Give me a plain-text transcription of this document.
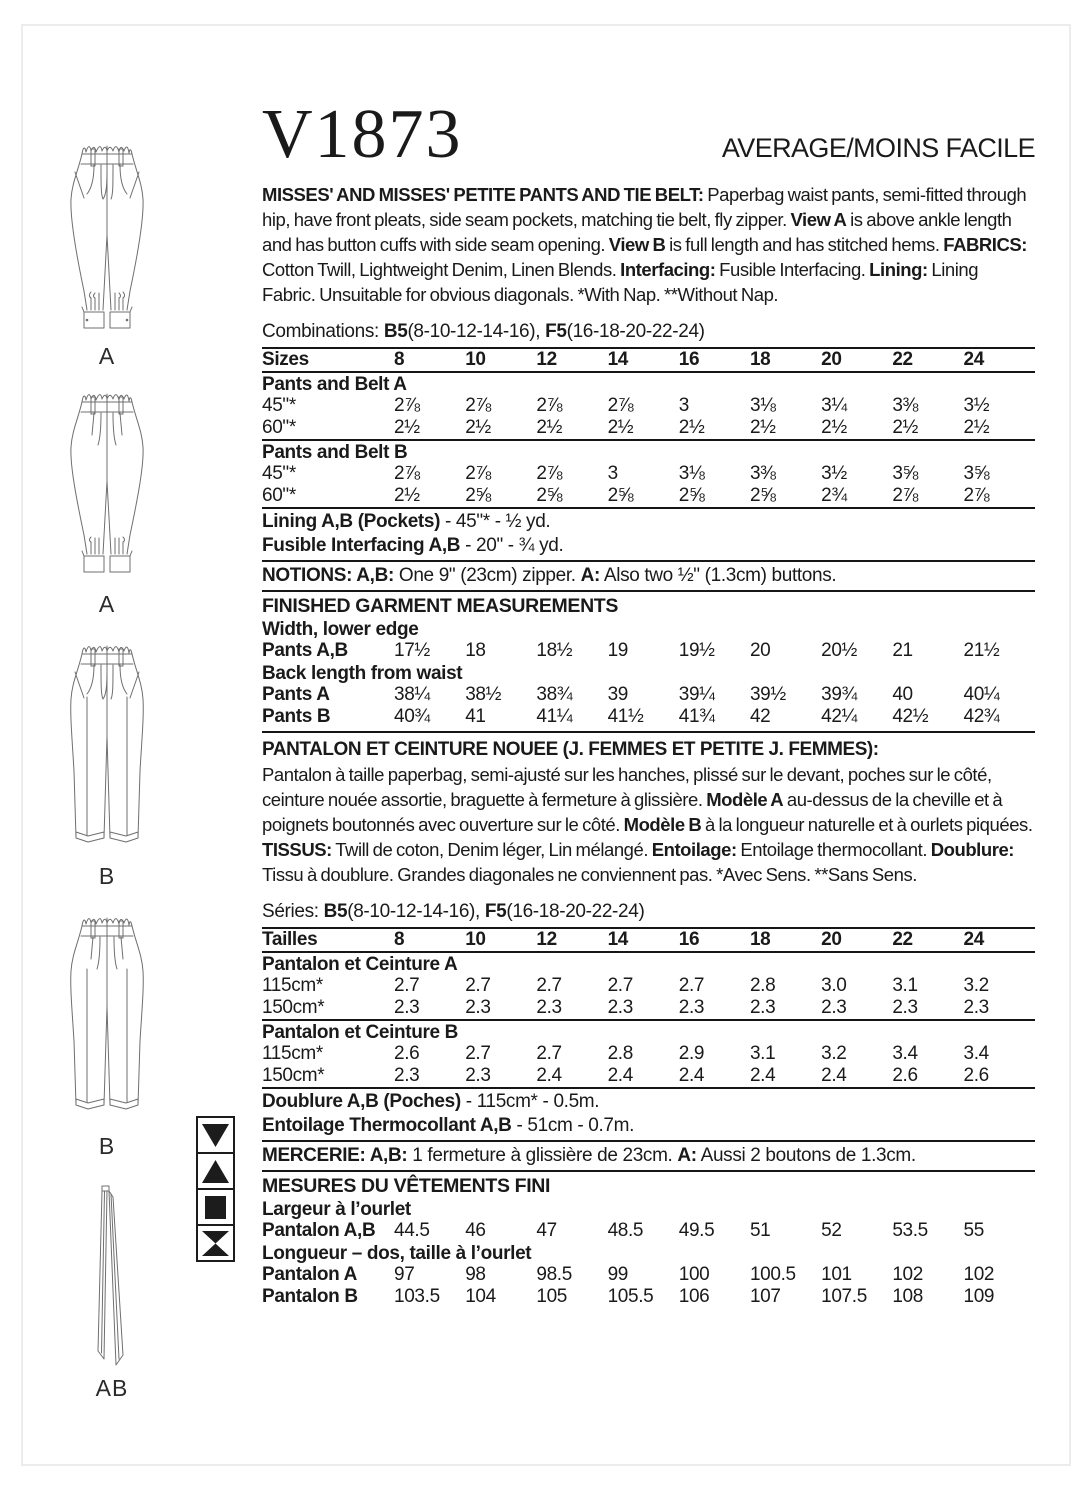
A
A
B
B
AB
V1873	AVERAGE/MOINS FACILE

MISSES' AND MISSES' PETITE PANTS AND TIE BELT: Paperbag waist pants, semi-fitted through hip, have front pleats, side seam pockets, matching tie belt, fly zipper. View A is above ankle length and has button cuffs with side seam opening. View B is full length and has stitched hems. FABRICS: Cotton Twill, Lightweight Denim, Linen Blends. Interfacing: Fusible Interfacing. Lining: Lining Fabric. Unsuitable for obvious diagonals. *With Nap. **Without Nap.

Combinations: B5(8-10-12-14-16), F5(16-18-20-22-24)
Sizes	8	10	12	14	16	18	20	22	24
Pants and Belt A
45"*	2⅞	2⅞	2⅞	2⅞	3	3⅛	3¼	3⅜	3½
60"*	2½	2½	2½	2½	2½	2½	2½	2½	2½
Pants and Belt B
45"*	2⅞	2⅞	2⅞	3	3⅛	3⅜	3½	3⅝	3⅝
60"*	2½	2⅝	2⅝	2⅝	2⅝	2⅝	2¾	2⅞	2⅞
Lining A,B (Pockets) - 45"* - ½ yd.
Fusible Interfacing A,B - 20" - ¾ yd.
NOTIONS: A,B: One 9" (23cm) zipper. A: Also two ½" (1.3cm) buttons.
FINISHED GARMENT MEASUREMENTS
Width, lower edge
Pants A,B	17½	18	18½	19	19½	20	20½	21	21½
Back length from waist
Pants A	38¼	38½	38¾	39	39¼	39½	39¾	40	40¼
Pants B	40¾	41	41¼	41½	41¾	42	42¼	42½	42¾
PANTALON ET CEINTURE NOUEE (J. FEMMES ET PETITE J. FEMMES):

Pantalon à taille paperbag, semi-ajusté sur les hanches, plissé sur le devant, poches sur le côté, ceinture nouée assortie, braguette à fermeture à glissière. Modèle A au-dessus de la cheville et à poignets boutonnés avec ouverture sur le côté. Modèle B à la longueur naturelle et à ourlets piquées. TISSUS: Twill de coton, Denim léger, Lin mélangé. Entoilage: Entoilage thermocollant. Doublure: Tissu à doublure. Grandes diagonales ne conviennent pas. *Avec Sens. **Sans Sens.

Séries: B5(8-10-12-14-16), F5(16-18-20-22-24)
Tailles	8	10	12	14	16	18	20	22	24
Pantalon et Ceinture A
115cm*	2.7	2.7	2.7	2.7	2.7	2.8	3.0	3.1	3.2
150cm*	2.3	2.3	2.3	2.3	2.3	2.3	2.3	2.3	2.3
Pantalon et Ceinture B
115cm*	2.6	2.7	2.7	2.8	2.9	3.1	3.2	3.4	3.4
150cm*	2.3	2.3	2.4	2.4	2.4	2.4	2.4	2.6	2.6
Doublure A,B (Poches) - 115cm* - 0.5m.
Entoilage Thermocollant A,B - 51cm - 0.7m.
MERCERIE: A,B: 1 fermeture à glissière de 23cm. A: Aussi 2 boutons de 1.3cm.
MESURES DU VÊTEMENTS FINI
Largeur à l’ourlet
Pantalon A,B 44.5	46	47	48.5	49.5	51	52	53.5	55
Longueur – dos, taille à l’ourlet
Pantalon A	97	98	98.5	99	100	100.5	101	102	102
Pantalon B	103.5	104	105	105.5	106	107	107.5	108	109
